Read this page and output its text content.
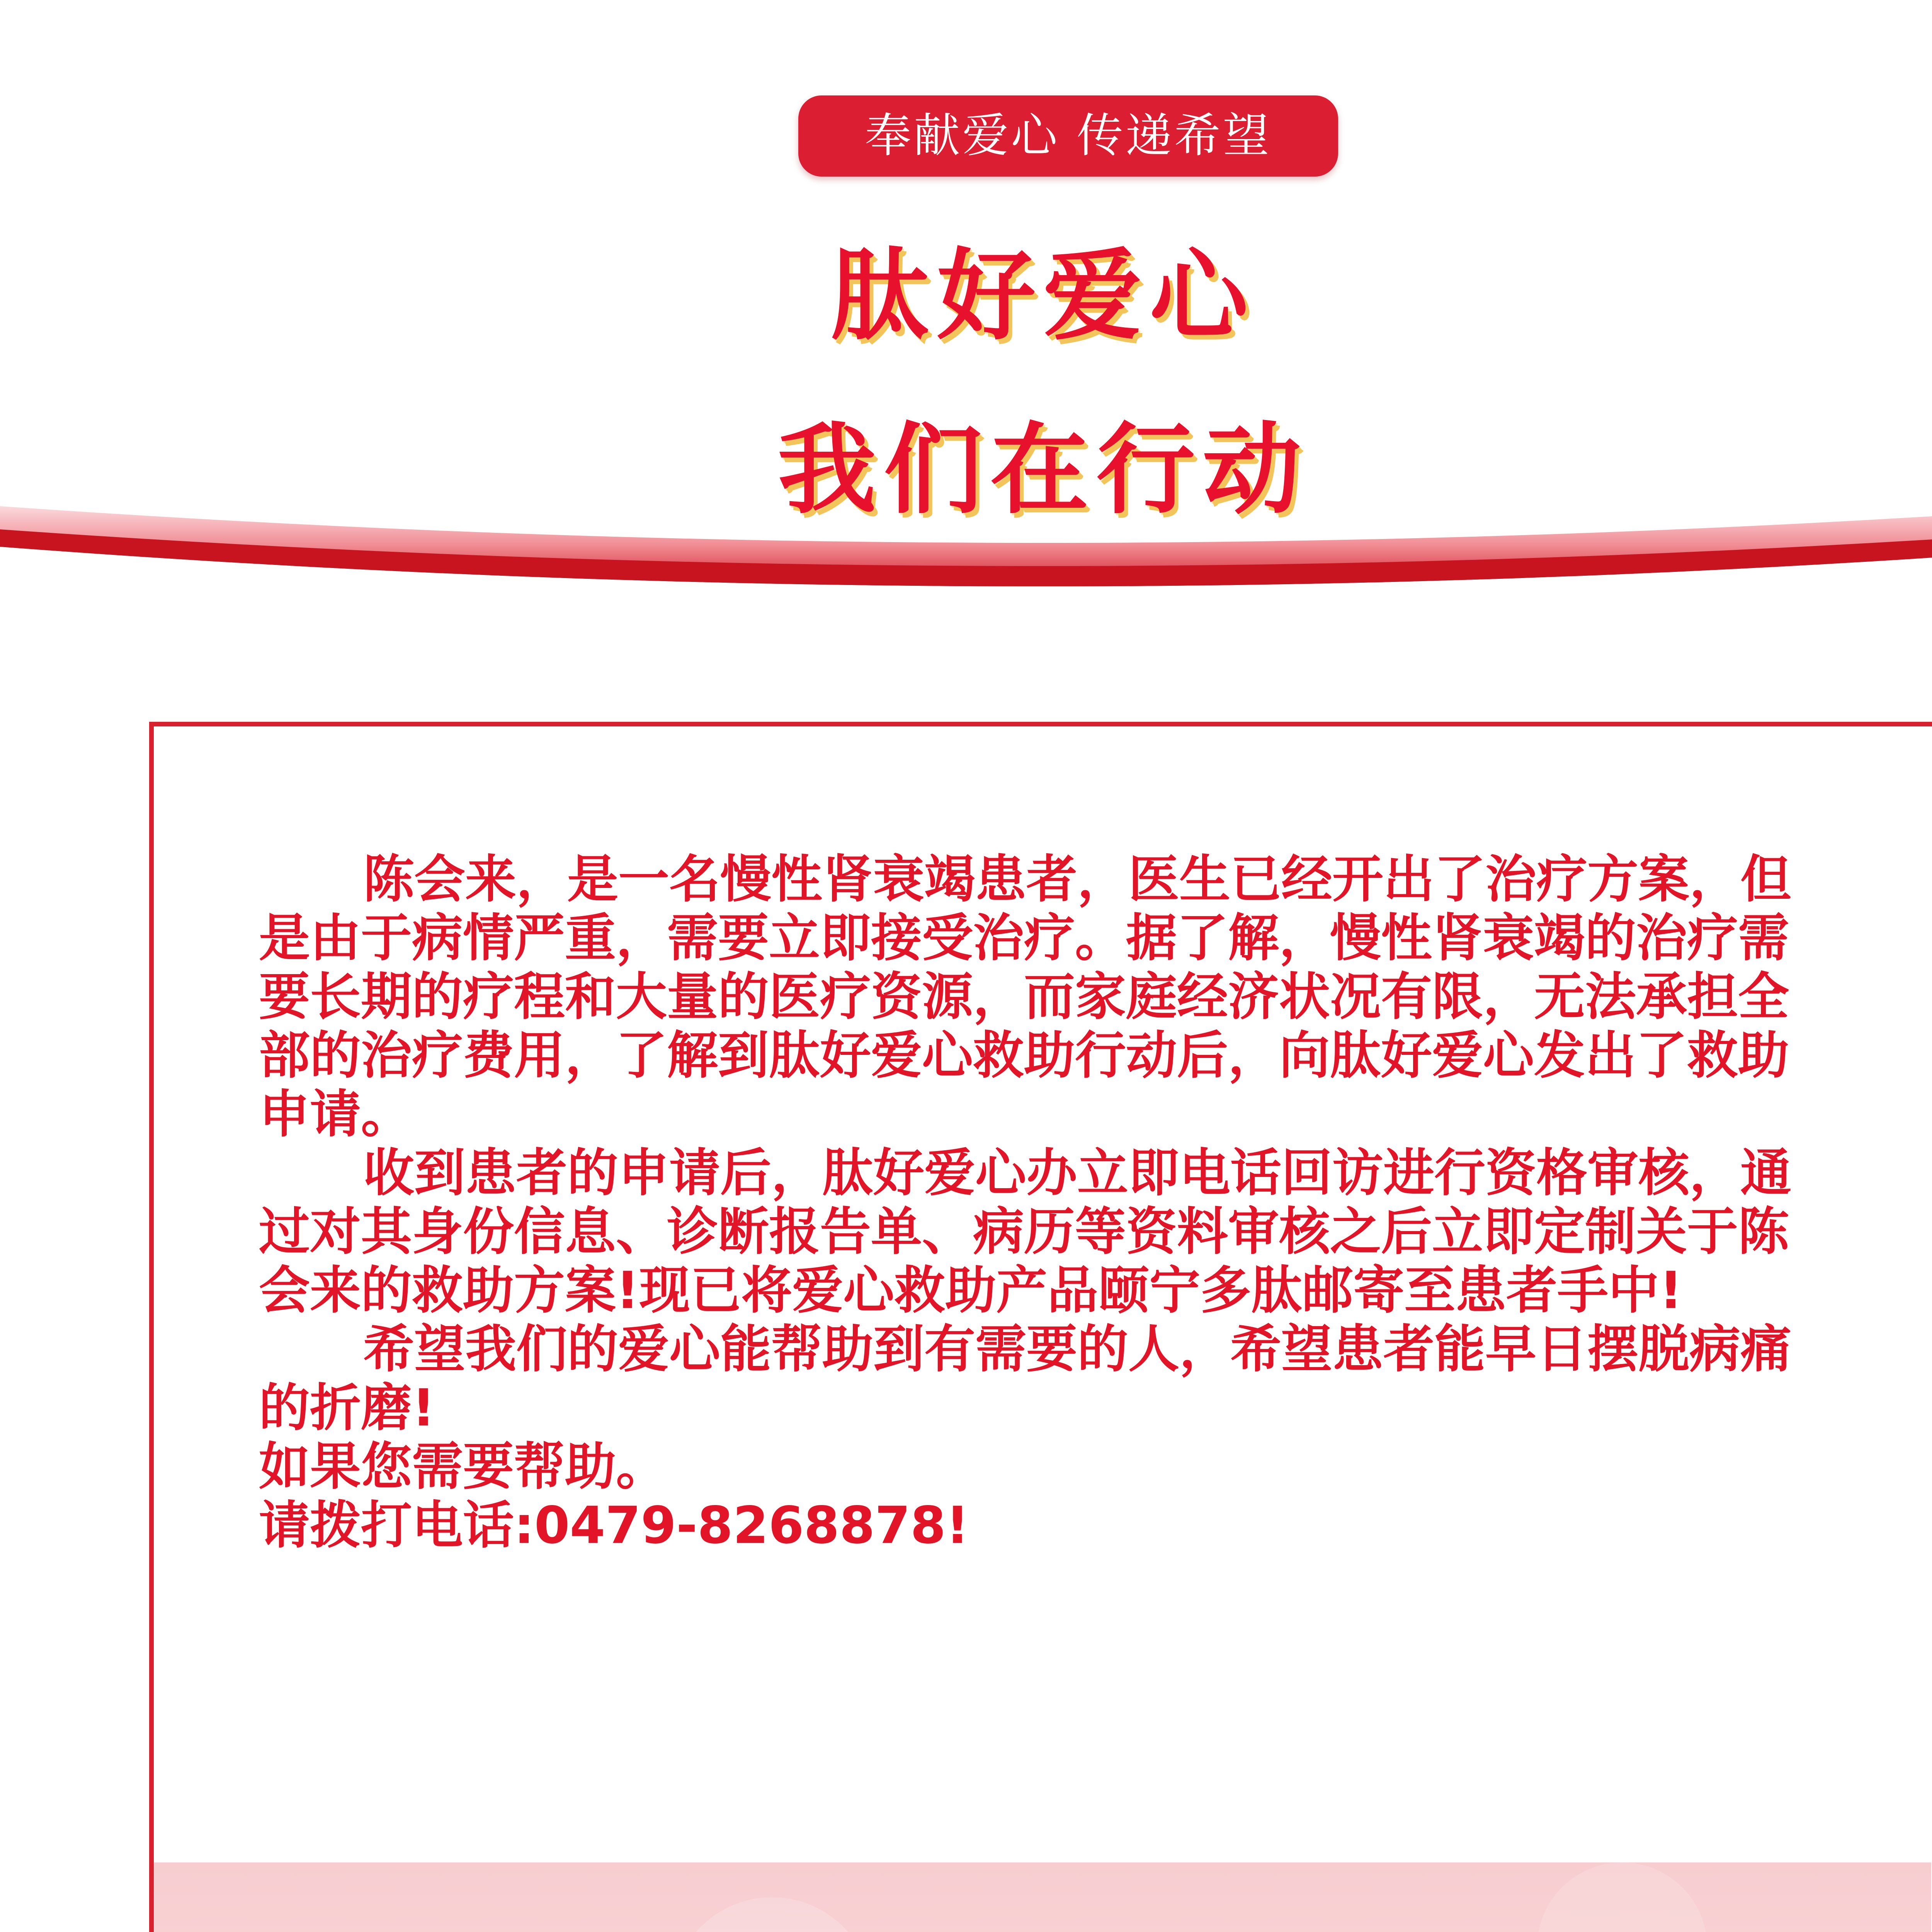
奉献爱心 传递希望
肽好爱心
我们在行动

陈会来，是一名慢性肾衰竭患者，医生已经开出了治疗方案，但是由于病情严重，需要立即接受治疗。据了解，慢性肾衰竭的治疗需要长期的疗程和大量的医疗资源，而家庭经济状况有限，无法承担全部的治疗费用，了解到肽好爱心救助行动后，向肽好爱心发出了救助申请。

收到患者的申请后，肽好爱心办立即电话回访进行资格审核，通过对其身份信息、诊断报告单、病历等资料审核之后立即定制关于陈会来的救助方案!现已将爱心救助产品颐宁多肽邮寄至患者手中!

希望我们的爱心能帮助到有需要的人，希望患者能早日摆脱病痛的折磨!

如果您需要帮助。

请拨打电话:0479-8268878!
